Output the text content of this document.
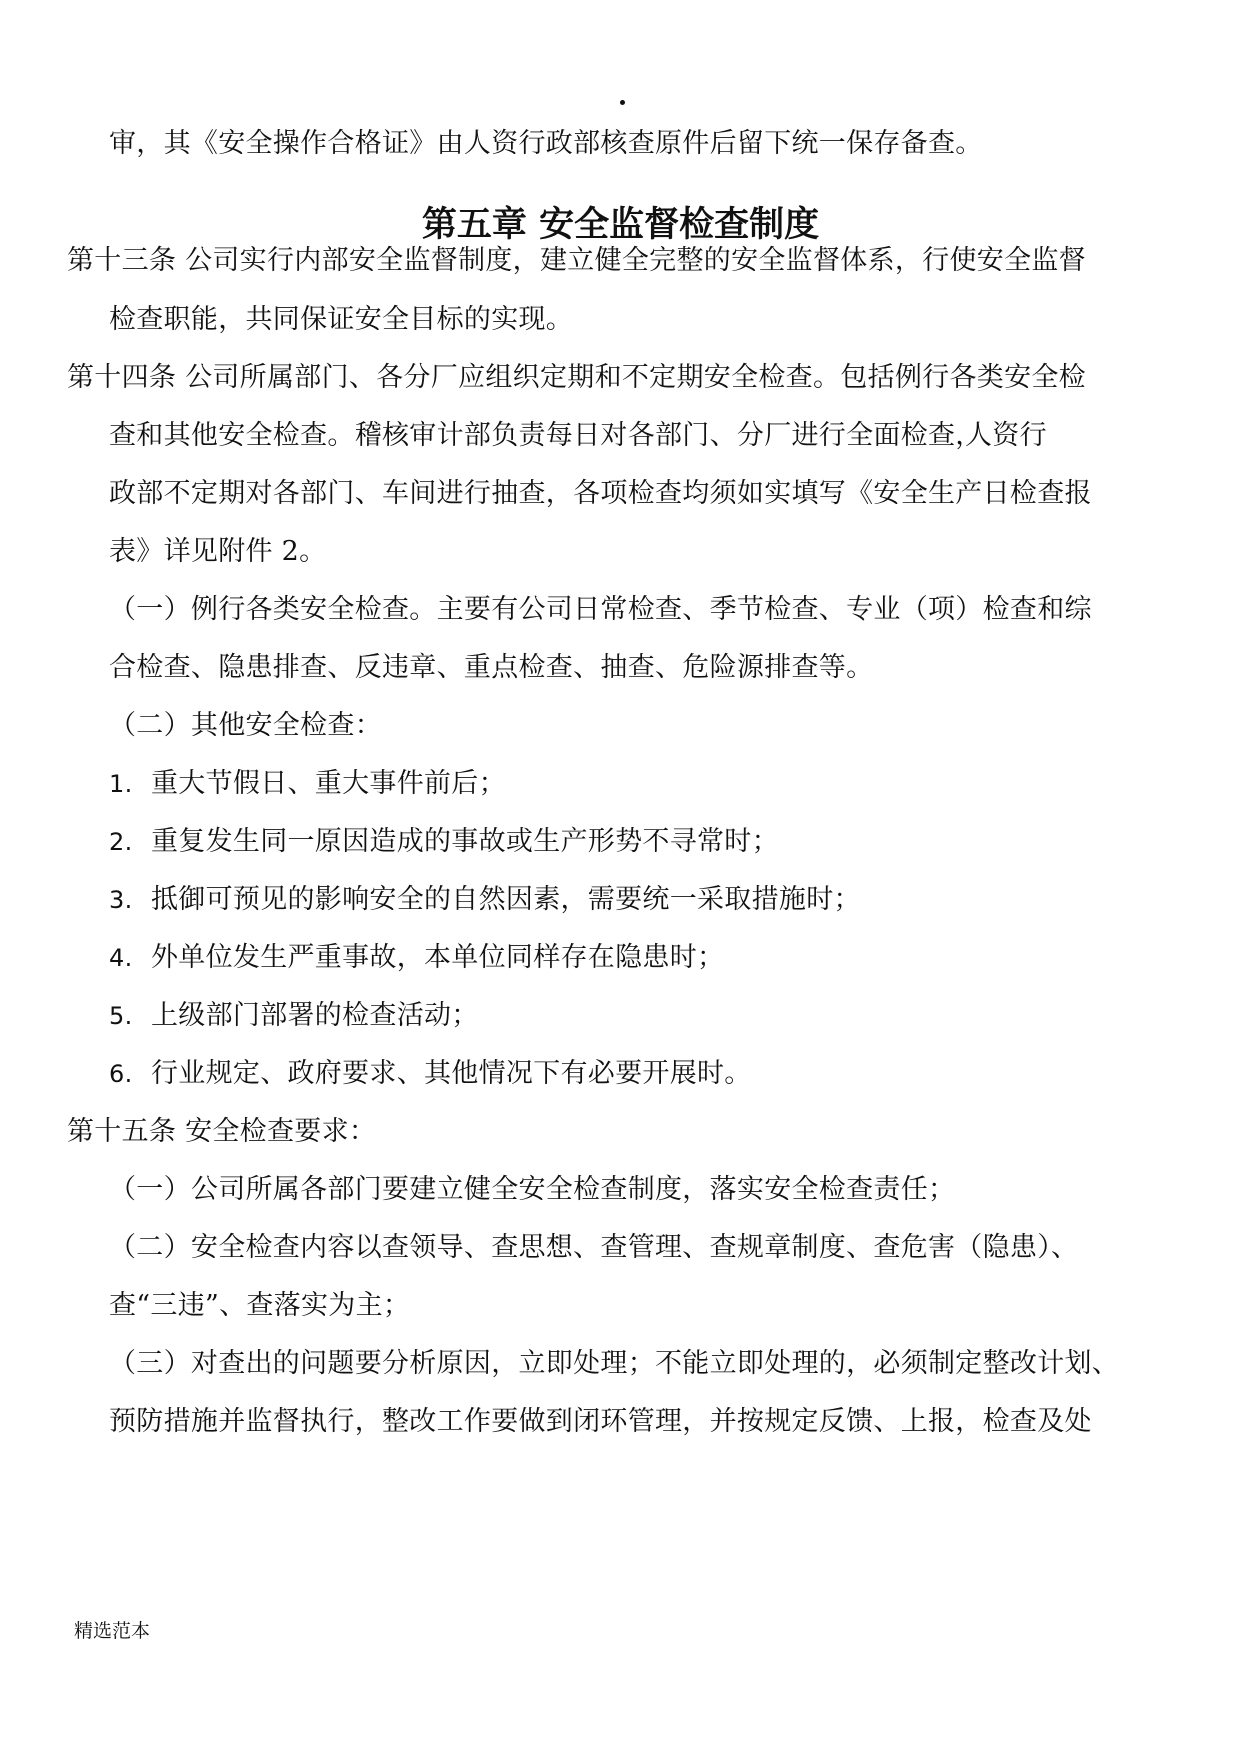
审，其《安全操作合格证》由人资行政部核查原件后留下统一保存备查。
第五章 安全监督检查制度
第十三条 公司实行内部安全监督制度，建立健全完整的安全监督体系，行使安全监督
检查职能，共同保证安全目标的实现。
第十四条 公司所属部门、各分厂应组织定期和不定期安全检查。包括例行各类安全检
查和其他安全检查。稽核审计部负责每日对各部门、分厂进行全面检查，
人资行
政部不定期对各部门、车间进行抽查，各项检查均须如实填写《安全生产日检查报
表》详见附件 2。
（一）例行各类安全检查。主要有公司日常检查、季节检查、专业（项）检查和综
合检查、隐患排查、反违章、重点检查、抽查、危险源排查等。
（二）其他安全检查：
1. 重大节假日、重大事件前后；
2. 重复发生同一原因造成的事故或生产形势不寻常时；
3. 抵御可预见的影响安全的自然因素，需要统一采取措施时；
4. 外单位发生严重事故，本单位同样存在隐患时；
5. 上级部门部署的检查活动；
6. 行业规定、政府要求、其他情况下有必要开展时。
第十五条 安全检查要求：
（一）公司所属各部门要建立健全安全检查制度，落实安全检查责任；
（二）安全检查内容以查领导、查思想、查管理、查规章制度、查危害（隐患）、
查“三违”、查落实为主；
（三）对查出的问题要分析原因，立即处理；不能立即处理的，必须制定整改计划、
预防措施并监督执行，整改工作要做到闭环管理，并按规定反馈、上报，检查及处
精选范本
